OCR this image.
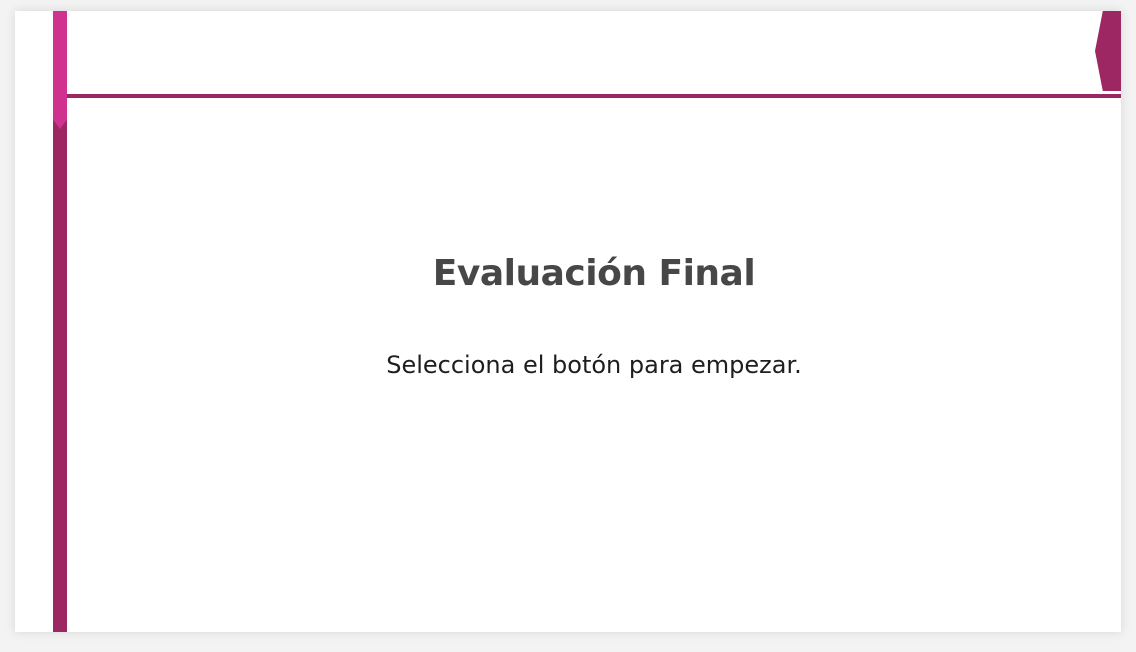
Evaluación Final

Selecciona el botón para empezar.
